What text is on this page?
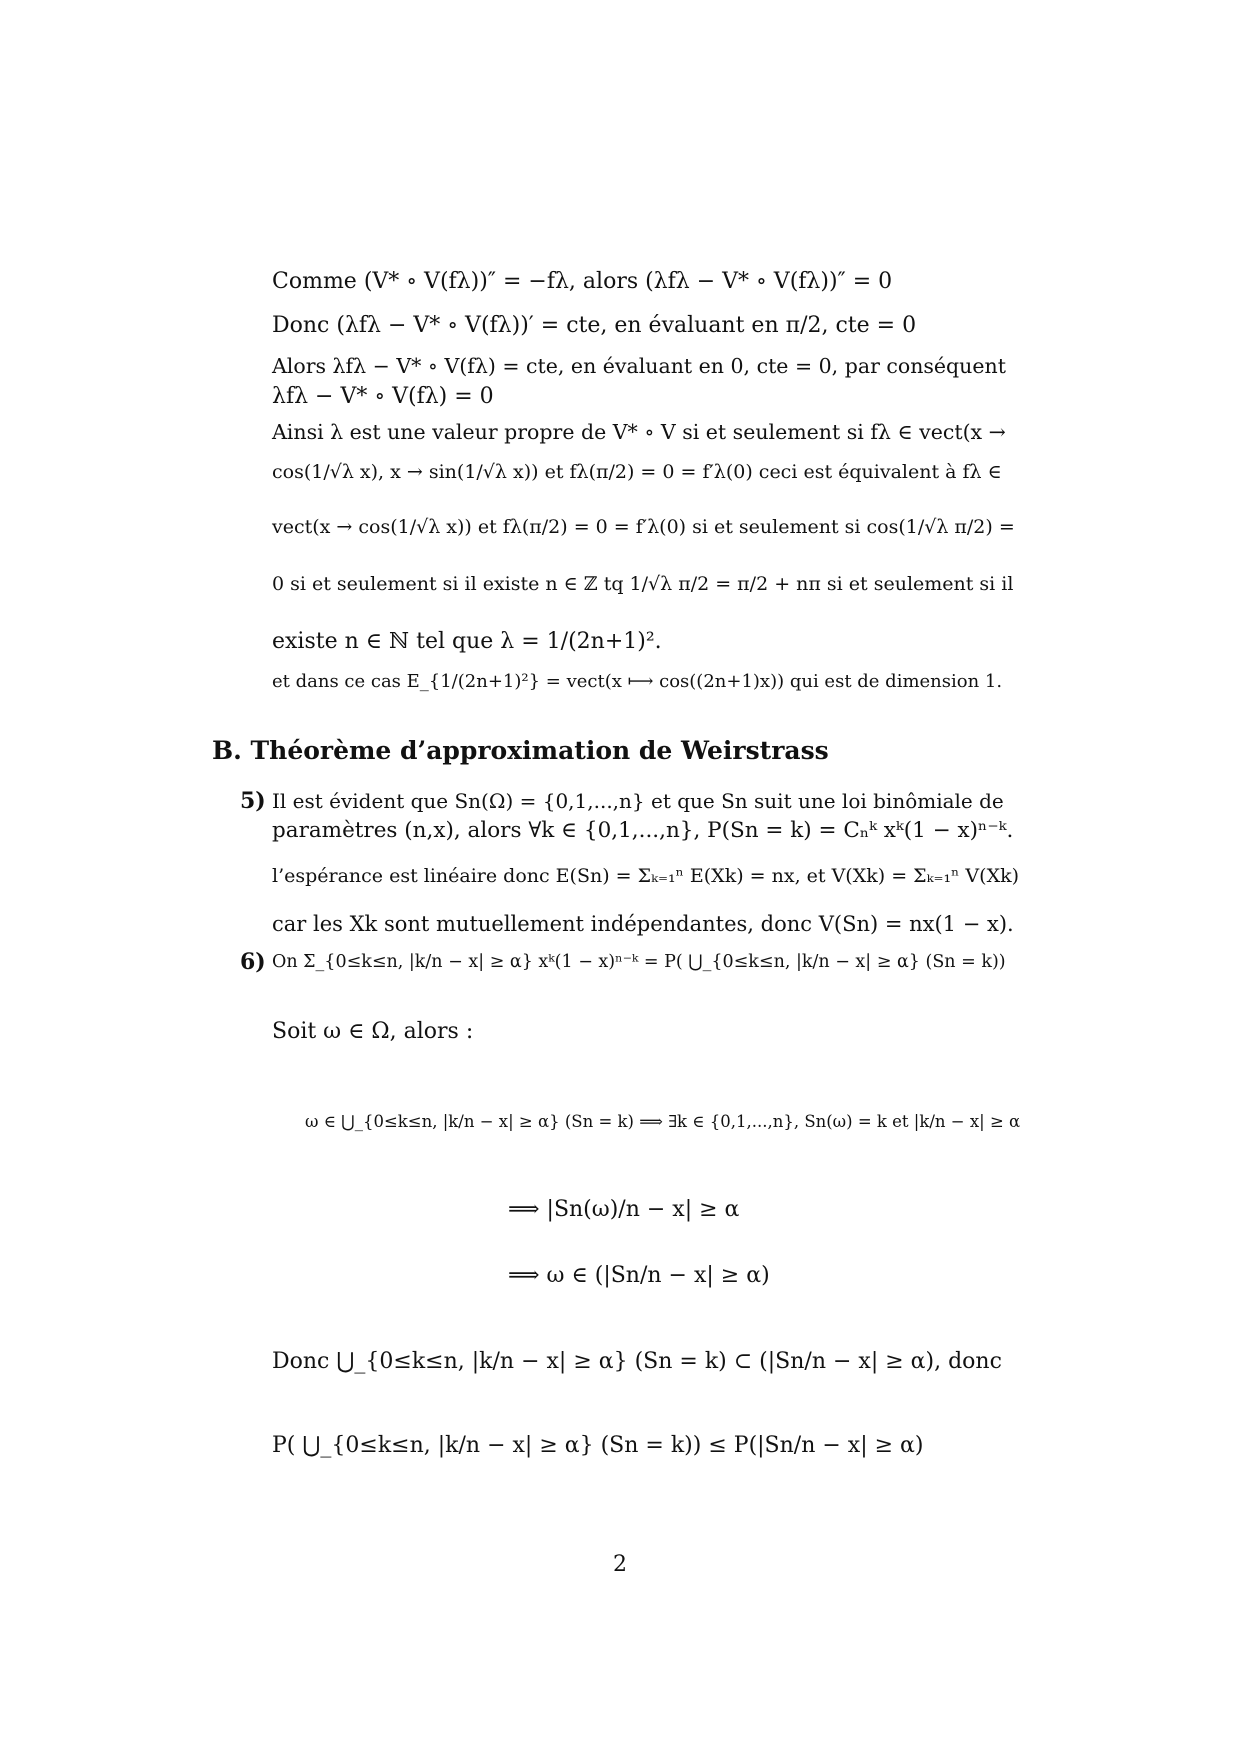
Comme (V* ∘ V(fλ))″ = −fλ, alors (λfλ − V* ∘ V(fλ))″ = 0
Donc (λfλ − V* ∘ V(fλ))′ = cte, en évaluant en π/2, cte = 0
Alors λfλ − V* ∘ V(fλ) = cte, en évaluant en 0, cte = 0, par conséquent
λfλ − V* ∘ V(fλ) = 0
Ainsi λ est une valeur propre de V* ∘ V si et seulement si fλ ∈ vect(x →
cos(1/√λ x), x → sin(1/√λ x)) et fλ(π/2) = 0 = f′λ(0) ceci est équivalent à fλ ∈
vect(x → cos(1/√λ x)) et fλ(π/2) = 0 = f′λ(0) si et seulement si cos(1/√λ π/2) =
0 si et seulement si il existe n ∈ ℤ tq 1/√λ π/2 = π/2 + nπ si et seulement si il
existe n ∈ ℕ tel que λ = 1/(2n+1)².
et dans ce cas E_{1/(2n+1)²} = vect(x ⟼ cos((2n+1)x)) qui est de dimension 1.
B. Théorème d’approximation de Weirstrass
5) Il est évident que Sn(Ω) = {0,1,...,n} et que Sn suit une loi binômiale de
paramètres (n,x), alors ∀k ∈ {0,1,...,n}, P(Sn = k) = Cₙᵏ xᵏ(1 − x)ⁿ⁻ᵏ.
l’espérance est linéaire donc E(Sn) = Σₖ₌₁ⁿ E(Xk) = nx, et V(Xk) = Σₖ₌₁ⁿ V(Xk)
car les Xk sont mutuellement indépendantes, donc V(Sn) = nx(1 − x).
6) On Σ_{0≤k≤n, |k/n − x| ≥ α} xᵏ(1 − x)ⁿ⁻ᵏ = P( ⋃_{0≤k≤n, |k/n − x| ≥ α} (Sn = k))
Soit ω ∈ Ω, alors :
ω ∈ ⋃_{0≤k≤n, |k/n − x| ≥ α} (Sn = k) ⟹ ∃k ∈ {0,1,...,n}, Sn(ω) = k et |k/n − x| ≥ α
⟹ |Sn(ω)/n − x| ≥ α
⟹ ω ∈ (|Sn/n − x| ≥ α)
Donc ⋃_{0≤k≤n, |k/n − x| ≥ α} (Sn = k) ⊂ (|Sn/n − x| ≥ α), donc
P( ⋃_{0≤k≤n, |k/n − x| ≥ α} (Sn = k)) ≤ P(|Sn/n − x| ≥ α)
2
